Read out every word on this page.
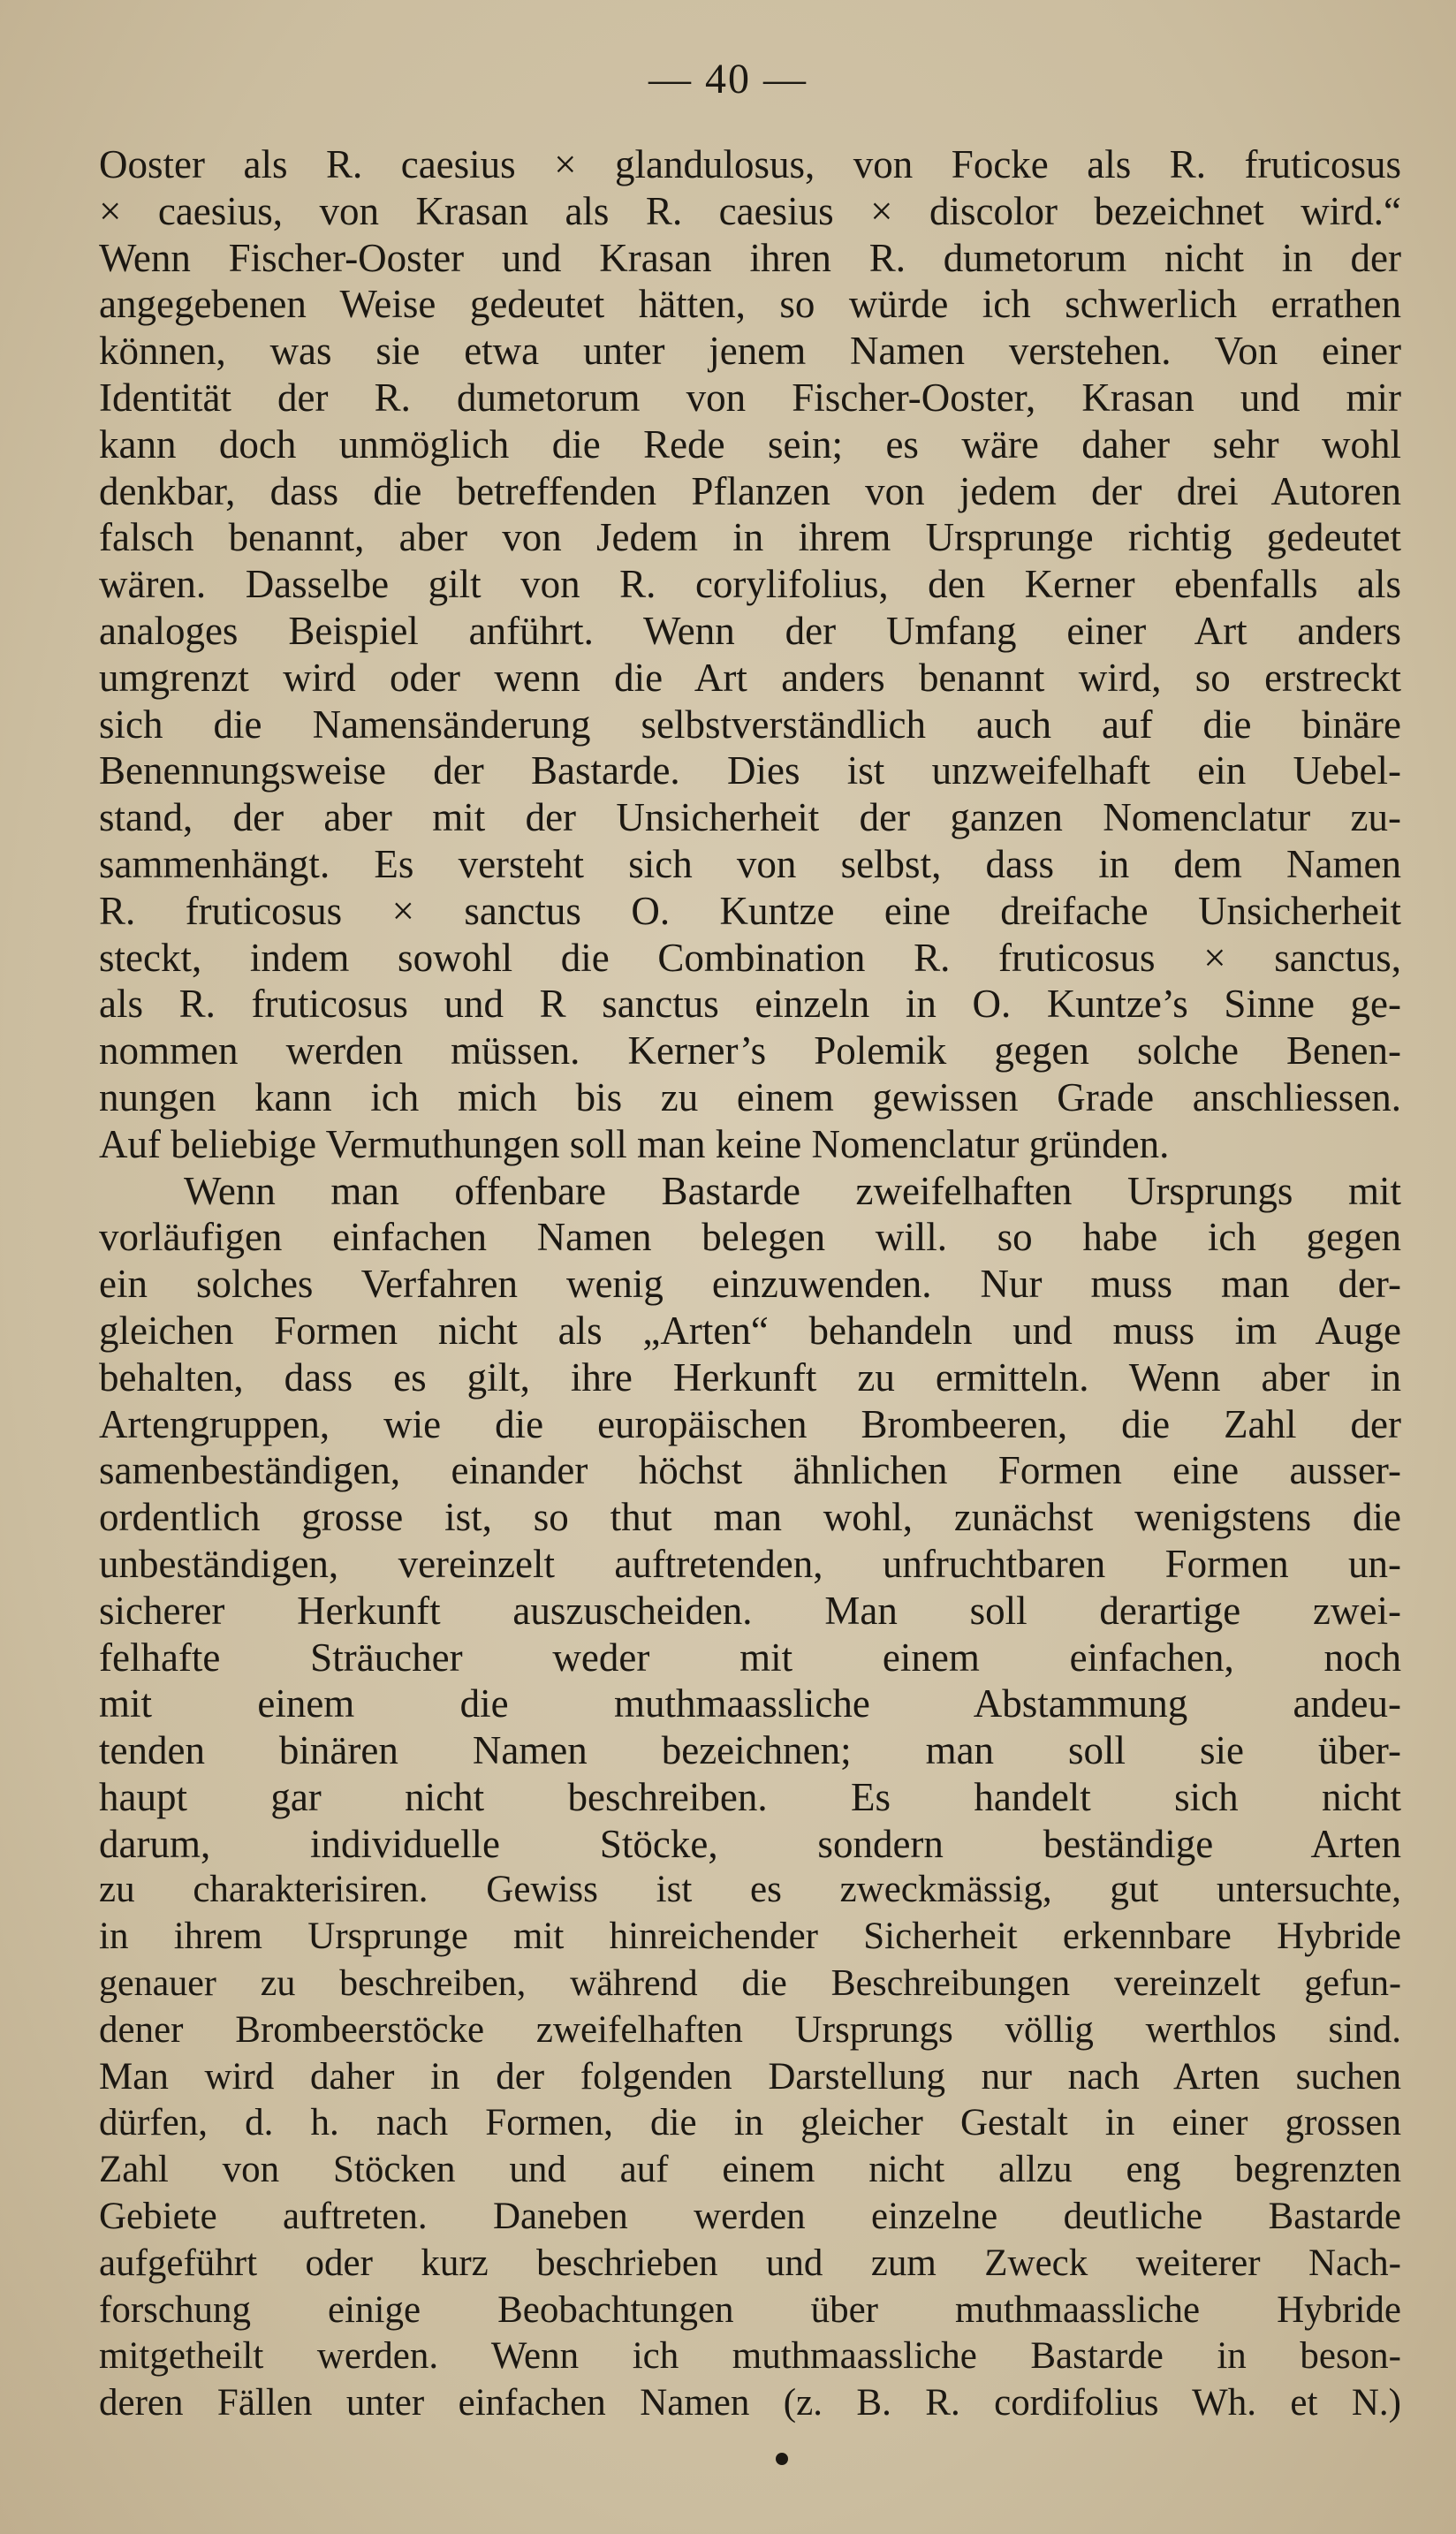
— 40 —
Ooster als R. caesius × glandulosus, von Focke als R. fruticosus
× caesius, von Krasan als R. caesius × discolor bezeichnet wird.“
Wenn Fischer-Ooster und Krasan ihren R. dumetorum nicht in der
angegebenen Weise gedeutet hätten, so würde ich schwerlich errathen
können, was sie etwa unter jenem Namen verstehen. Von einer
Identität der R. dumetorum von Fischer-Ooster, Krasan und mir
kann doch unmöglich die Rede sein; es wäre daher sehr wohl
denkbar, dass die betreffenden Pflanzen von jedem der drei Autoren
falsch benannt, aber von Jedem in ihrem Ursprunge richtig gedeutet
wären. Dasselbe gilt von R. corylifolius, den Kerner ebenfalls als
analoges Beispiel anführt. Wenn der Umfang einer Art anders
umgrenzt wird oder wenn die Art anders benannt wird, so erstreckt
sich die Namensänderung selbstverständlich auch auf die binäre
Benennungsweise der Bastarde. Dies ist unzweifelhaft ein Uebel-
stand, der aber mit der Unsicherheit der ganzen Nomenclatur zu-
sammenhängt. Es versteht sich von selbst, dass in dem Namen
R. fruticosus × sanctus O. Kuntze eine dreifache Unsicherheit
steckt, indem sowohl die Combination R. fruticosus × sanctus,
als R. fruticosus und R sanctus einzeln in O. Kuntze’s Sinne ge-
nommen werden müssen. Kerner’s Polemik gegen solche Benen-
nungen kann ich mich bis zu einem gewissen Grade anschliessen.
Auf beliebige Vermuthungen soll man keine Nomenclatur gründen.
Wenn man offenbare Bastarde zweifelhaften Ursprungs mit
vorläufigen einfachen Namen belegen will. so habe ich gegen
ein solches Verfahren wenig einzuwenden. Nur muss man der-
gleichen Formen nicht als „Arten“ behandeln und muss im Auge
behalten, dass es gilt, ihre Herkunft zu ermitteln. Wenn aber in
Artengruppen, wie die europäischen Brombeeren, die Zahl der
samenbeständigen, einander höchst ähnlichen Formen eine ausser-
ordentlich grosse ist, so thut man wohl, zunächst wenigstens die
unbeständigen, vereinzelt auftretenden, unfruchtbaren Formen un-
sicherer Herkunft auszuscheiden. Man soll derartige zwei-
felhafte Sträucher weder mit einem einfachen, noch
mit einem die muthmaassliche Abstammung andeu-
tenden binären Namen bezeichnen; man soll sie über-
haupt gar nicht beschreiben. Es handelt sich nicht
darum, individuelle Stöcke, sondern beständige Arten
zu charakterisiren. Gewiss ist es zweckmässig, gut untersuchte,
in ihrem Ursprunge mit hinreichender Sicherheit erkennbare Hybride
genauer zu beschreiben, während die Beschreibungen vereinzelt gefun-
dener Brombeerstöcke zweifelhaften Ursprungs völlig werthlos sind.
Man wird daher in der folgenden Darstellung nur nach Arten suchen
dürfen, d. h. nach Formen, die in gleicher Gestalt in einer grossen
Zahl von Stöcken und auf einem nicht allzu eng begrenzten
Gebiete auftreten. Daneben werden einzelne deutliche Bastarde
aufgeführt oder kurz beschrieben und zum Zweck weiterer Nach-
forschung einige Beobachtungen über muthmaassliche Hybride
mitgetheilt werden. Wenn ich muthmaassliche Bastarde in beson-
deren Fällen unter einfachen Namen (z. B. R. cordifolius Wh. et N.)
